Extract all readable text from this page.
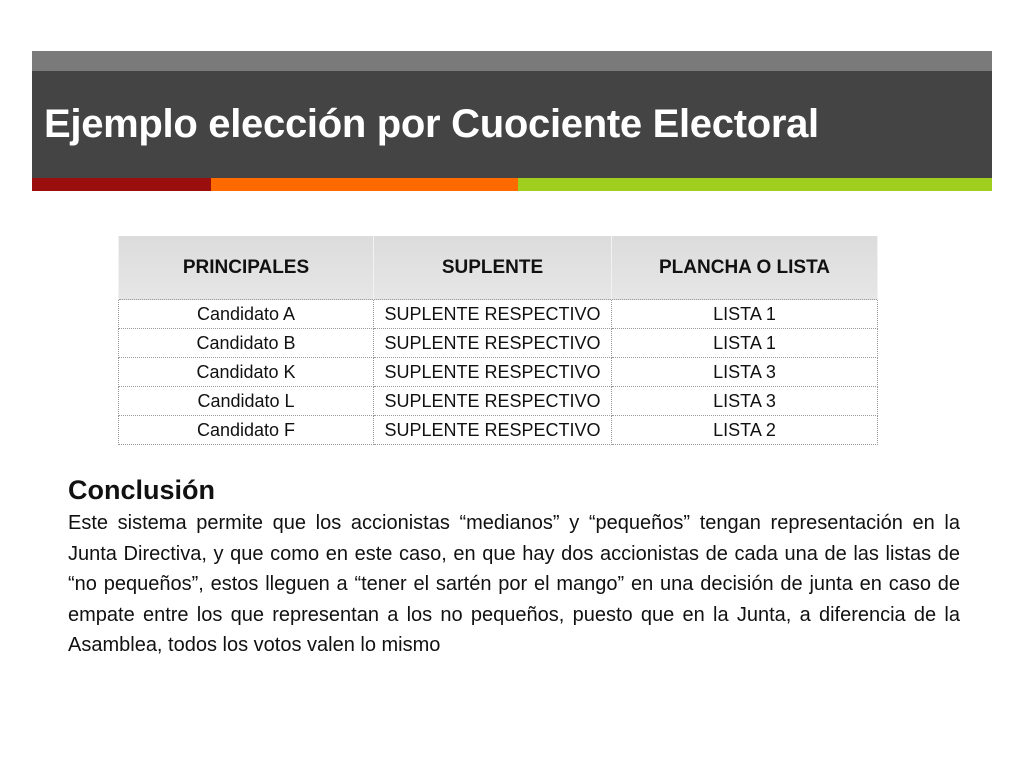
Ejemplo elección por Cuociente Electoral
PRINCIPALES	SUPLENTE	PLANCHA O LISTA
Candidato A	SUPLENTE RESPECTIVO	LISTA 1
Candidato B	SUPLENTE RESPECTIVO	LISTA 1
Candidato K	SUPLENTE RESPECTIVO	LISTA 3
Candidato L	SUPLENTE RESPECTIVO	LISTA 3
Candidato F	SUPLENTE RESPECTIVO	LISTA 2
Conclusión

Este sistema permite que los accionistas “medianos” y “pequeños” tengan representación en la Junta Directiva, y que como en este caso, en que hay dos accionistas de cada una de las listas de “no pequeños”, estos lleguen a “tener el sartén por el mango” en una decisión de junta en caso de empate entre los que representan a los no pequeños, puesto que en la Junta, a diferencia de la Asamblea, todos los votos valen lo mismo
